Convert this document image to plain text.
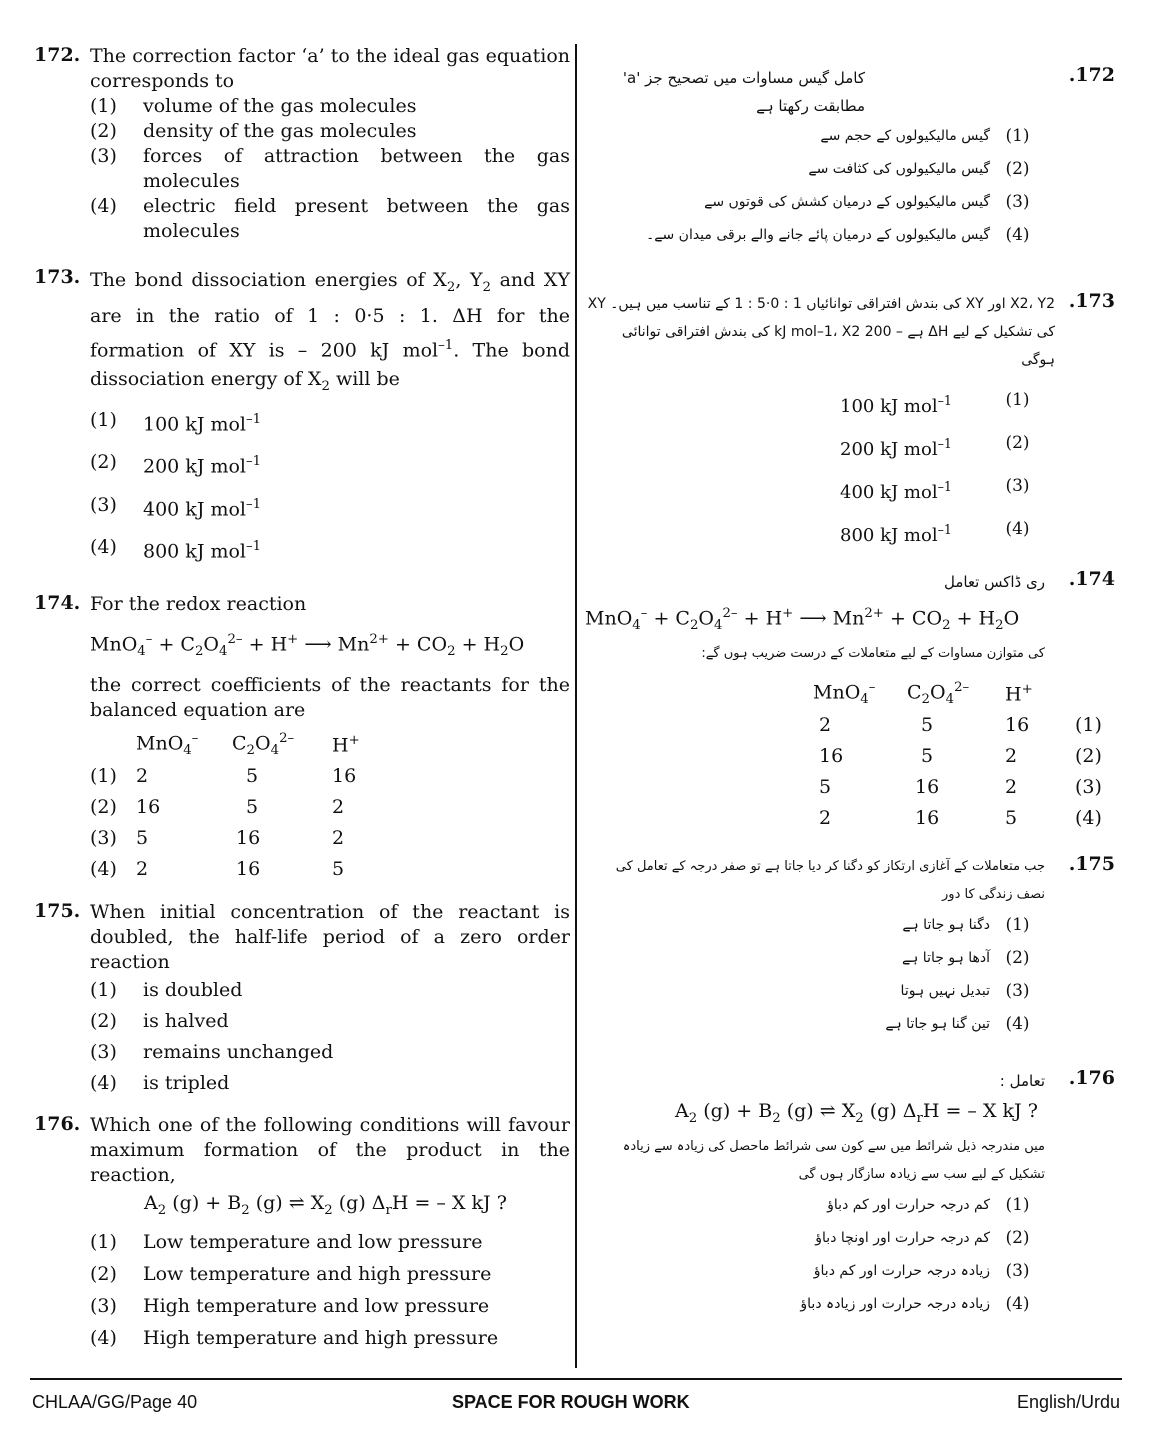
172. The correction factor ‘a’ to the ideal gas equation corresponds to
(1)	volume of the gas molecules
(2)	density of the gas molecules
(3)	forces of attraction between the gas molecules
(4)	electric field present between the gas molecules
173. The bond dissociation energies of $X_2$, $Y_2$ and XY are in the ratio of 1 : 0·5 : 1. ΔH for the formation of XY is – 200 kJ mol$^{-1}$. The bond dissociation energy of $X_2$ will be
(1)	100 kJ mol$^{-1}$
(2)	200 kJ mol$^{-1}$
(3)	400 kJ mol$^{-1}$
(4)	800 kJ mol$^{-1}$
174. For the redox reaction
$MnO_4^- + C_2O_4^{2-} + H^+$ ⟶ $Mn^{2+} + CO_2 + H_2O$
the correct coefficients of the reactants for the balanced equation are
	MnO$_4$–	$C_2O_4^{2-}$	H+
(1)	2	5	16
(2)	16	5	2
(3)	5	16	2
(4)	2	16	5
175. When initial concentration of the reactant is doubled, the half-life period of a zero order reaction
(1)	is doubled
(2)	is halved
(3)	remains unchanged
(4)	is tripled
176. Which one of the following conditions will favour maximum formation of the product in the reaction,
$A_2$ $(g) + B_2$ (g) ⇌ $X_2$ (g) $\Delta_rH$ = – X kJ ?
(1)	Low temperature and low pressure
(2)	Low temperature and high pressure
(3)	High temperature and low pressure
(4)	High temperature and high pressure
.172
کامل گیس مساوات میں تصحیح جز 'a' مطابقت رکھتا ہے
(1)
گیس مالیکیولوں کے حجم سے
(2)
گیس مالیکیولوں کی کثافت سے
(3)
گیس مالیکیولوں کے درمیان کشش کی قوتوں سے
(4)
گیس مالیکیولوں کے درمیان پائے جانے والے برقی میدان سے۔
.173
X2، Y2 اور XY کی بندش افتراقی توانائیاں 1 : 0·5 : 1 کے تناسب میں ہیں۔ XY کی تشکیل کے لیے ΔH ہے – 200 kJ mol–1، X2 کی بندش افتراقی توانائی ہوگی
(1)
100 kJ mol$^{-1}$
(2)
200 kJ mol$^{-1}$
(3)
400 kJ mol$^{-1}$
(4)
800 kJ mol$^{-1}$
.174
ری ڈاکس تعامل
$MnO_4^- + C_2O_4^{2-} + H^+$ ⟶ $Mn^{2+} + CO_2 + H_2O$
کی متوازن مساوات کے لیے متعاملات کے درست ضریب ہوں گے:
MnO$_4$–	$C_2O_4^{2-}$	H+	
2	5	16	(1)
16	5	2	(2)
5	16	2	(3)
2	16	5	(4)
.175
جب متعاملات کے آغازی ارتکاز کو دگنا کر دیا جاتا ہے تو صفر درجہ کے تعامل کی نصف زندگی کا دور
(1)
دگنا ہو جاتا ہے
(2)
آدھا ہو جاتا ہے
(3)
تبدیل نہیں ہوتا
(4)
تین گنا ہو جاتا ہے
.176
تعامل :
$A_2$ $(g) + B_2$ (g) ⇌ $X_2$ (g) $\Delta_rH$ = – X kJ ?
میں مندرجہ ذیل شرائط میں سے کون سی شرائط ماحصل کی زیادہ سے زیادہ تشکیل کے لیے سب سے زیادہ سازگار ہوں گی
(1)
کم درجہ حرارت اور کم دباؤ
(2)
کم درجہ حرارت اور اونچا دباؤ
(3)
زیادہ درجہ حرارت اور کم دباؤ
(4)
زیادہ درجہ حرارت اور زیادہ دباؤ
CHLAA/GG/Page 40	SPACE FOR ROUGH WORK	English/Urdu
